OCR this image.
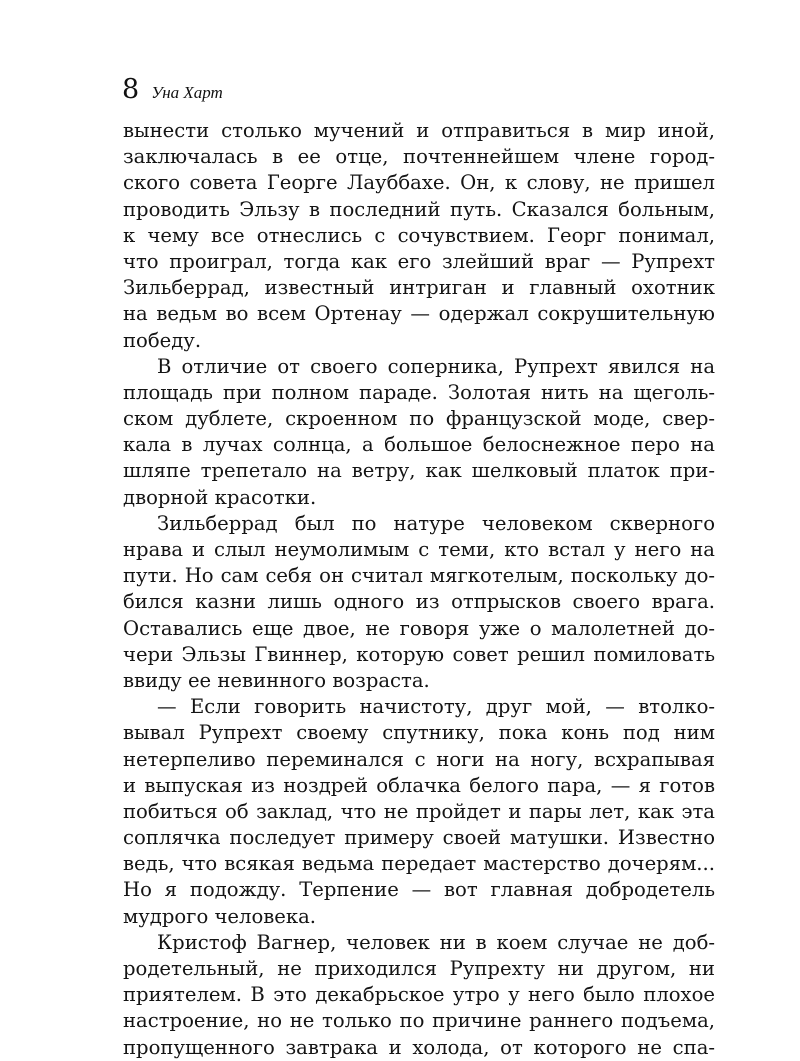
8 Уна Харт
вынести столько мучений и отправиться в мир иной,
заключалась в ее отце, почтеннейшем члене город-
ского совета Георге Лауббахе. Он, к слову, не пришел
проводить Эльзу в последний путь. Сказался больным,
к чему все отнеслись с сочувствием. Георг понимал,
что проиграл, тогда как его злейший враг — Рупрехт
Зильберрад, известный интриган и главный охотник
на ведьм во всем Ортенау — одержал сокрушительную
победу.
В отличие от своего соперника, Рупрехт явился на
площадь при полном параде. Золотая нить на щеголь-
ском дублете, скроенном по французской моде, свер-
кала в лучах солнца, а большое белоснежное перо на
шляпе трепетало на ветру, как шелковый платок при-
дворной красотки.
Зильберрад был по натуре человеком скверного
нрава и слыл неумолимым с теми, кто встал у него на
пути. Но сам себя он считал мягкотелым, поскольку до-
бился казни лишь одного из отпрысков своего врага.
Оставались еще двое, не говоря уже о малолетней до-
чери Эльзы Гвиннер, которую совет решил помиловать
ввиду ее невинного возраста.
— Если говорить начистоту, друг мой, — втолко-
вывал Рупрехт своему спутнику, пока конь под ним
нетерпеливо переминался с ноги на ногу, всхрапывая
и выпуская из ноздрей облачка белого пара, — я готов
побиться об заклад, что не пройдет и пары лет, как эта
соплячка последует примеру своей матушки. Известно
ведь, что всякая ведьма передает мастерство дочерям...
Но я подожду. Терпение — вот главная добродетель
мудрого человека.
Кристоф Вагнер, человек ни в коем случае не доб-
родетельный, не приходился Рупрехту ни другом, ни
приятелем. В это декабрьское утро у него было плохое
настроение, но не только по причине раннего подъема,
пропущенного завтрака и холода, от которого не спа-
